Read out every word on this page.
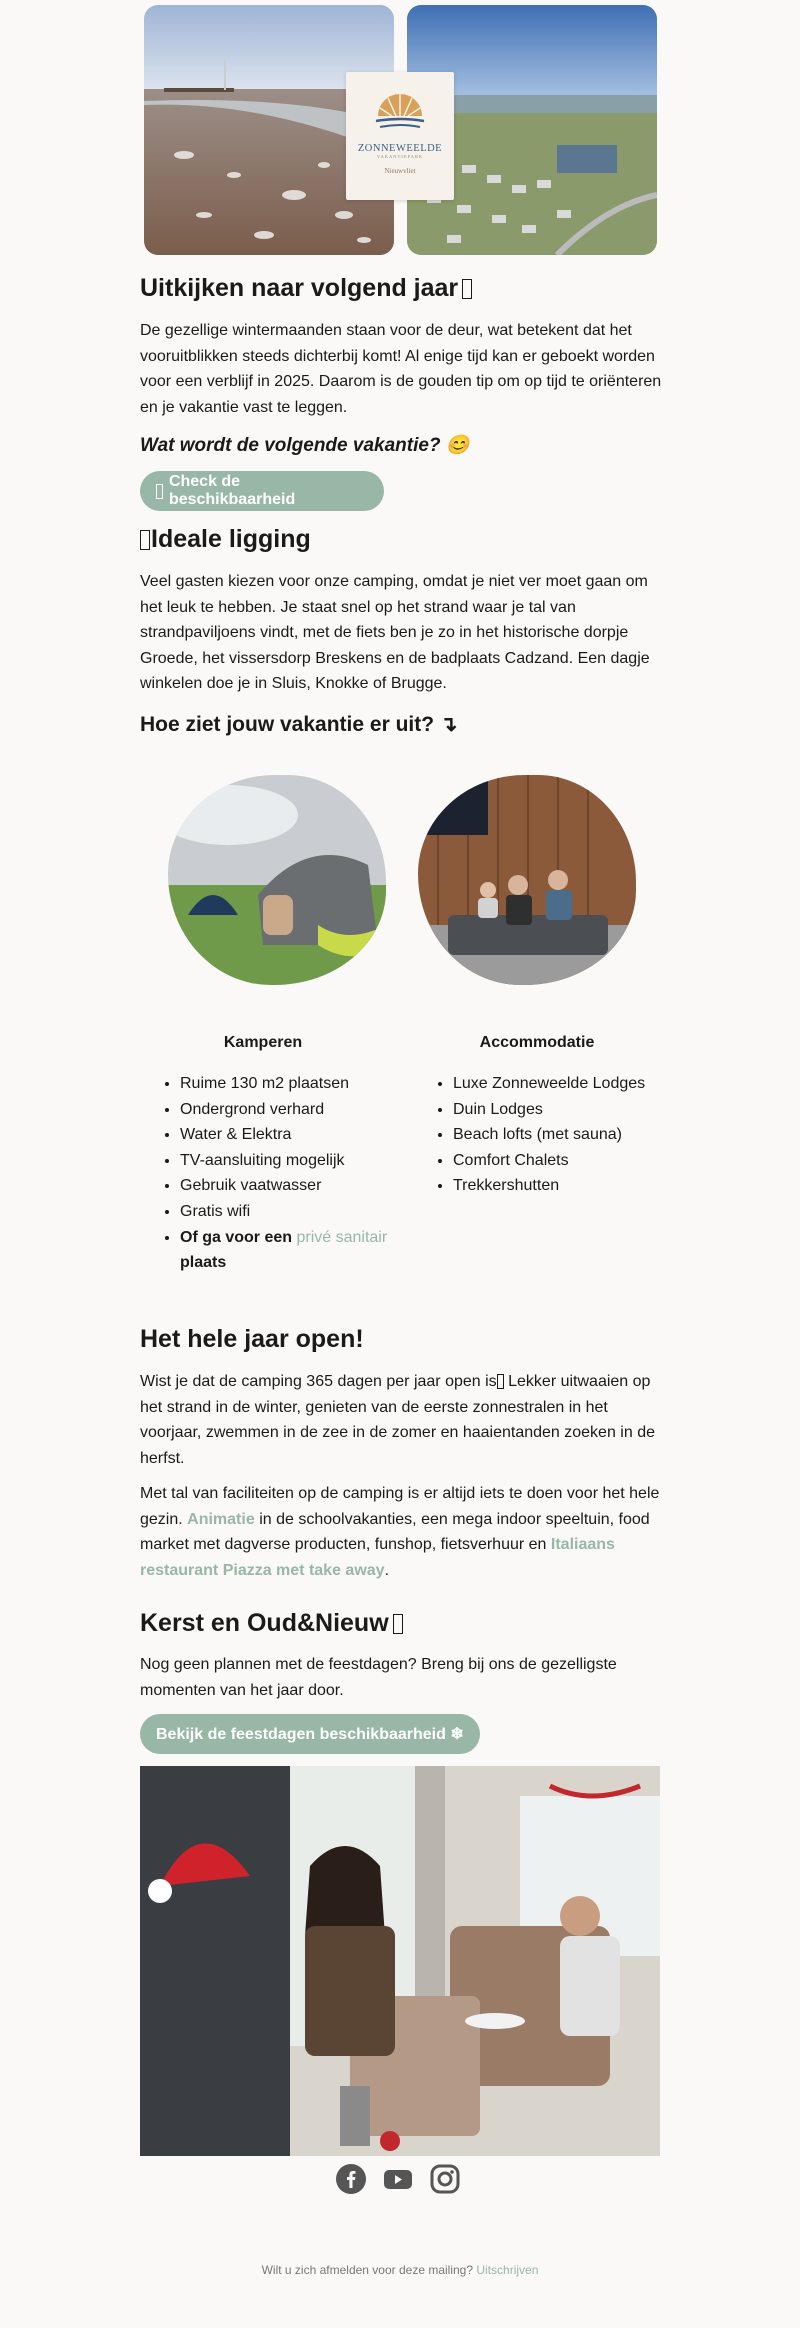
ZONNEWEELDE
VAKANTIEPARK
Nieuwvliet
Uitkijken naar volgend jaar

De gezellige wintermaanden staan voor de deur, wat betekent dat het vooruitblikken steeds dichterbij komt! Al enige tijd kan er geboekt worden voor een verblijf in 2025. Daarom is de gouden tip om op tijd te oriënteren en je vakantie vast te leggen.

Wat wordt de volgende vakantie? 😊
Check de beschikbaarheid
Ideale ligging

Veel gasten kiezen voor onze camping, omdat je niet ver moet gaan om het leuk te hebben. Je staat snel op het strand waar je tal van strandpaviljoens vindt, met de fiets ben je zo in het historische dorpje Groede, het vissersdorp Breskens en de badplaats Cadzand. Een dagje winkelen doe je in Sluis, Knokke of Brugge.

Hoe ziet jouw vakantie er uit? ↴
Kamperen	Accommodatie
• Ruime 130 m2 plaatsen
• Ondergrond verhard
• Water & Elektra
• TV-aansluiting mogelijk
• Gebruik vaatwasser
• Gratis wifi
• Of ga voor een privé sanitair plaats
• Luxe Zonneweelde Lodges
• Duin Lodges
• Beach lofts (met sauna)
• Comfort Chalets
• Trekkershutten
Het hele jaar open!

Wist je dat de camping 365 dagen per jaar open is Lekker uitwaaien op het strand in de winter, genieten van de eerste zonnestralen in het voorjaar, zwemmen in de zee in de zomer en haaientanden zoeken in de herfst.

Met tal van faciliteiten op de camping is er altijd iets te doen voor het hele gezin. Animatie in de schoolvakanties, een mega indoor speeltuin, food market met dagverse producten, funshop, fietsverhuur en Italiaans restaurant Piazza met take away.

Kerst en Oud&Nieuw

Nog geen plannen met de feestdagen? Breng bij ons de gezelligste momenten van het jaar door.

Bekijk de feestdagen beschikbaarheid ❄
Wilt u zich afmelden voor deze mailing? Uitschrijven
